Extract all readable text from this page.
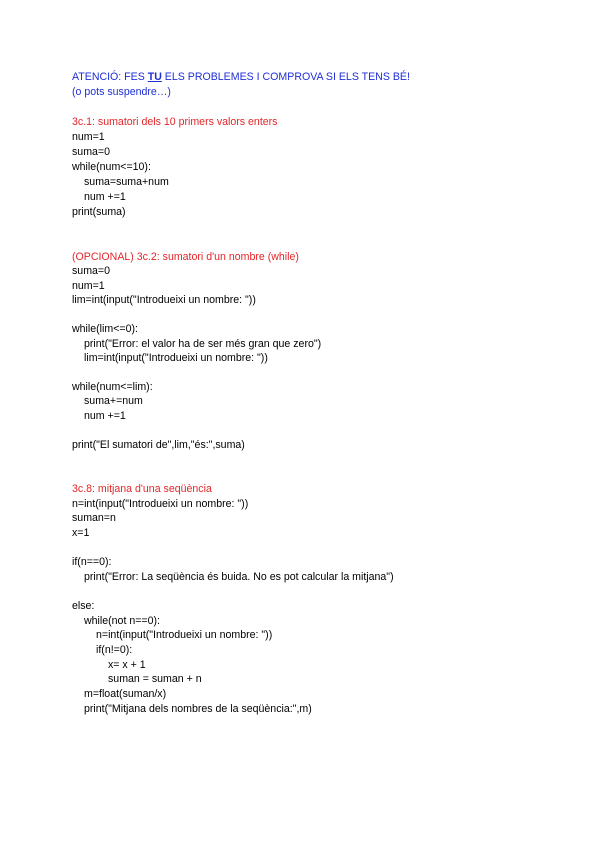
ATENCIÓ: FES TU ELS PROBLEMES I COMPROVA SI ELS TENS BÉ!
(o pots suspendre…)
3c.1: sumatori dels 10 primers valors enters
num=1
suma=0
while(num<=10):
suma=suma+num
num +=1
print(suma)
(OPCIONAL) 3c.2: sumatori d'un nombre (while)
suma=0
num=1
lim=int(input("Introdueixi un nombre: "))
while(lim<=0):
print("Error: el valor ha de ser més gran que zero")
lim=int(input("Introdueixi un nombre: "))
while(num<=lim):
suma+=num
num +=1
print("El sumatori de",lim,"és:",suma)
3c.8: mitjana d'una seqüència
n=int(input("Introdueixi un nombre: "))
suman=n
x=1
if(n==0):
print("Error: La seqüència és buida. No es pot calcular la mitjana")
else:
while(not n==0):
n=int(input("Introdueixi un nombre: "))
if(n!=0):
x= x + 1
suman = suman + n
m=float(suman/x)
print("Mitjana dels nombres de la seqüència:",m)
